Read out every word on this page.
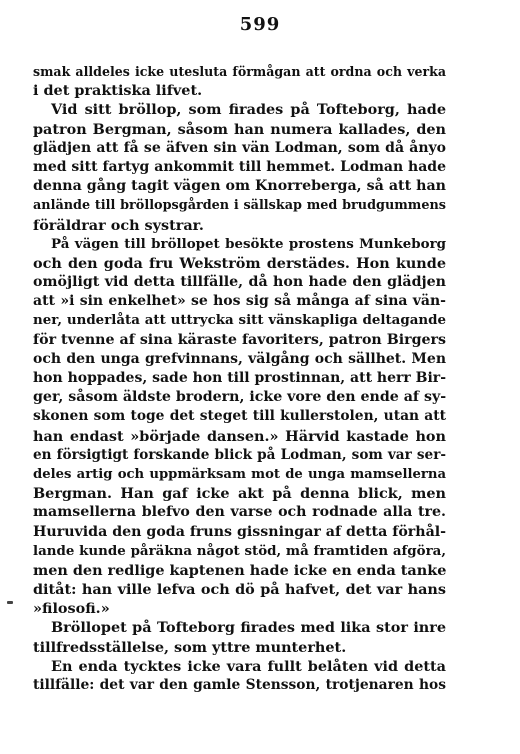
599
smak alldeles icke utesluta förmågan att ordna och verka
i det praktiska lifvet.
Vid sitt bröllop, som firades på Tofteborg, hade
patron Bergman, såsom han numera kallades, den
glädjen att få se äfven sin vän Lodman, som då ånyo
med sitt fartyg ankommit till hemmet. Lodman hade
denna gång tagit vägen om Knorreberga, så att han
anlände till bröllopsgården i sällskap med brudgummens
föräldrar och systrar.
På vägen till bröllopet besökte prostens Munkeborg
och den goda fru Wekström derstädes. Hon kunde
omöjligt vid detta tillfälle, då hon hade den glädjen
att »i sin enkelhet» se hos sig så många af sina vän-
ner, underlåta att uttrycka sitt vänskapliga deltagande
för tvenne af sina käraste favoriters, patron Birgers
och den unga grefvinnans, välgång och sällhet. Men
hon hoppades, sade hon till prostinnan, att herr Bir-
ger, såsom äldste brodern, icke vore den ende af sy-
skonen som toge det steget till kullerstolen, utan att
han endast »började dansen.» Härvid kastade hon
en försigtigt forskande blick på Lodman, som var ser-
deles artig och uppmärksam mot de unga mamsellerna
Bergman. Han gaf icke akt på denna blick, men
mamsellerna blefvo den varse och rodnade alla tre.
Huruvida den goda fruns gissningar af detta förhål-
lande kunde påräkna något stöd, må framtiden afgöra,
men den redlige kaptenen hade icke en enda tanke
ditåt: han ville lefva och dö på hafvet, det var hans
»filosofi.»
Bröllopet på Tofteborg firades med lika stor inre
tillfredsställelse, som yttre munterhet.
En enda tycktes icke vara fullt belåten vid detta
tillfälle: det var den gamle Stensson, trotjenaren hos
